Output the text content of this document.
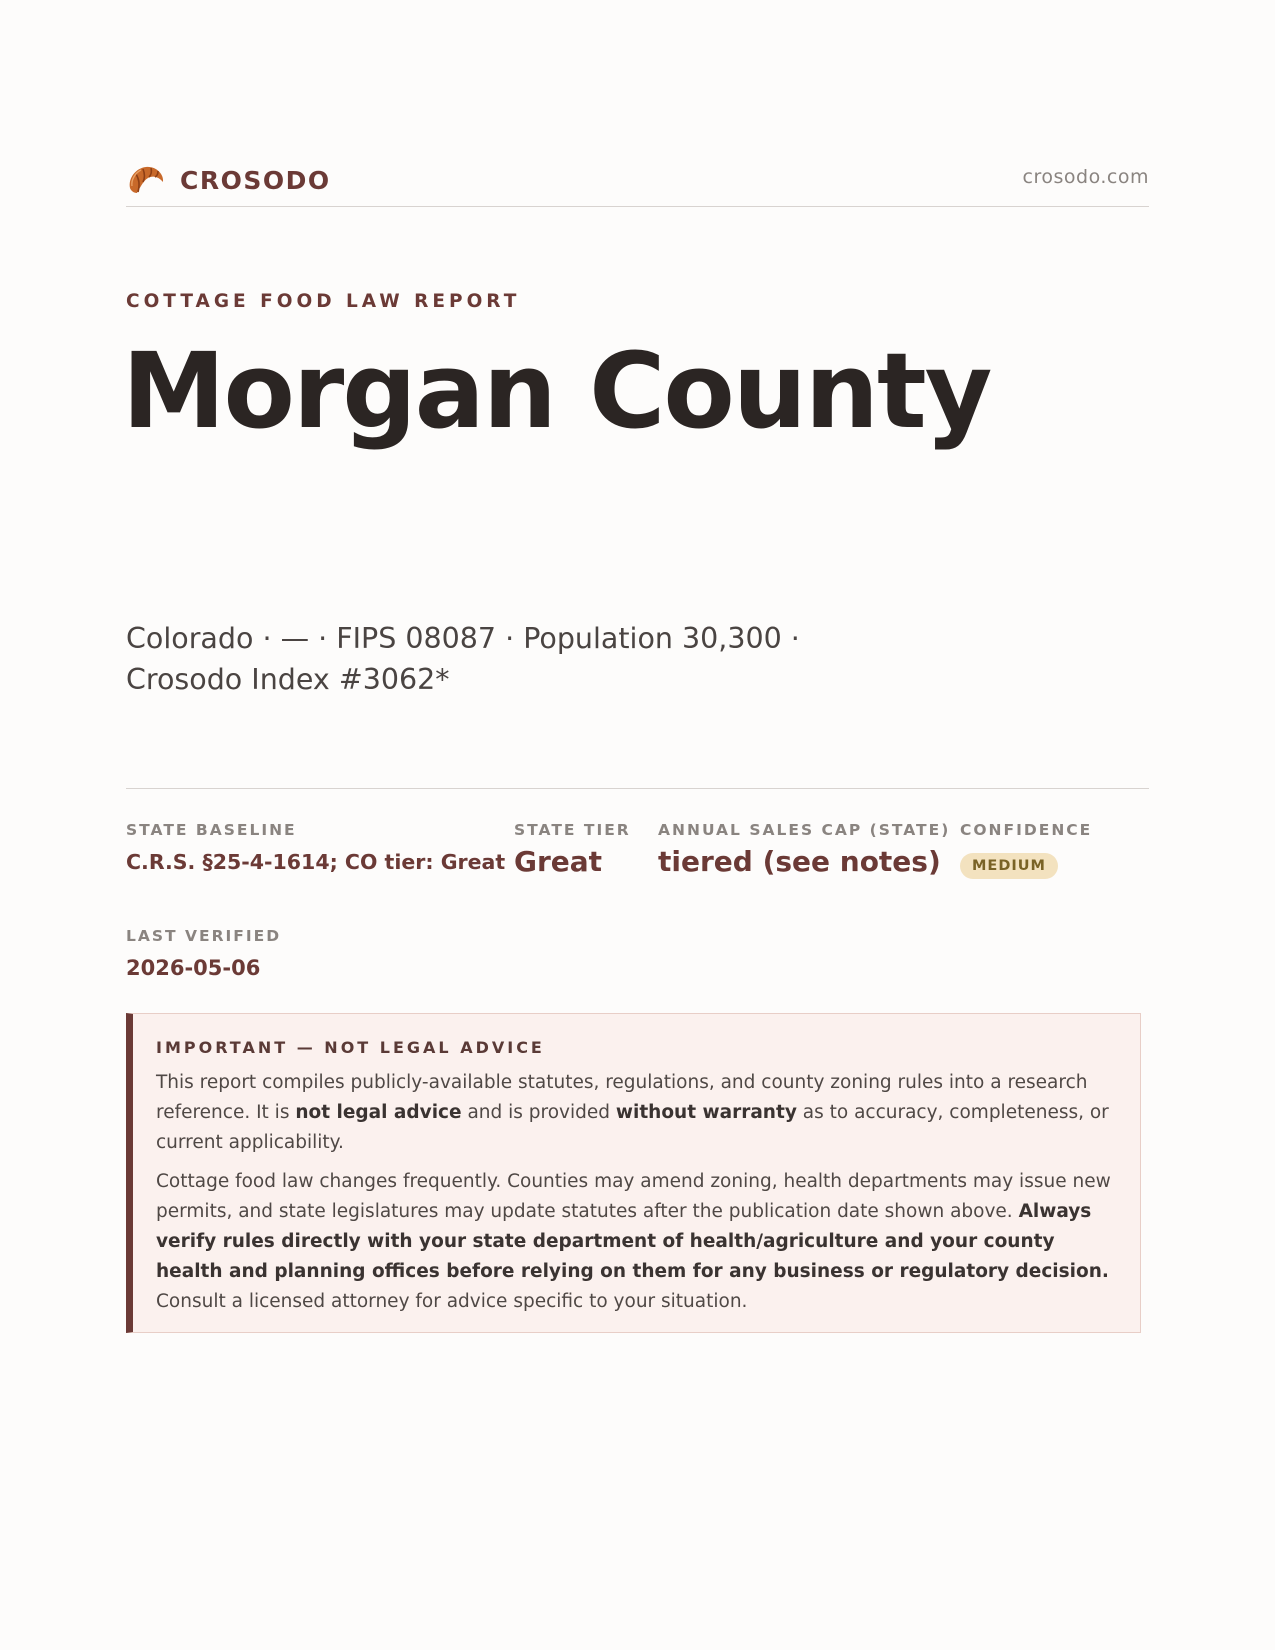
CROSODO	crosodo.com
COTTAGE FOOD LAW REPORT
Morgan County
Colorado · — · FIPS 08087 · Population 30,300 · Crosodo Index #3062*
STATE BASELINE
C.R.S. §25-4-1614; CO tier: Great
STATE TIER
Great
ANNUAL SALES CAP (STATE)
tiered (see notes)
CONFIDENCE
MEDIUM
LAST VERIFIED
2026-05-06
IMPORTANT — NOT LEGAL ADVICE

This report compiles publicly-available statutes, regulations, and county zoning rules into a research reference. It is not legal advice and is provided without warranty as to accuracy, completeness, or current applicability.

Cottage food law changes frequently. Counties may amend zoning, health departments may issue new permits, and state legislatures may update statutes after the publication date shown above. Always verify rules directly with your state department of health/agriculture and your county health and planning offices before relying on them for any business or regulatory decision. Consult a licensed attorney for advice specific to your situation.
